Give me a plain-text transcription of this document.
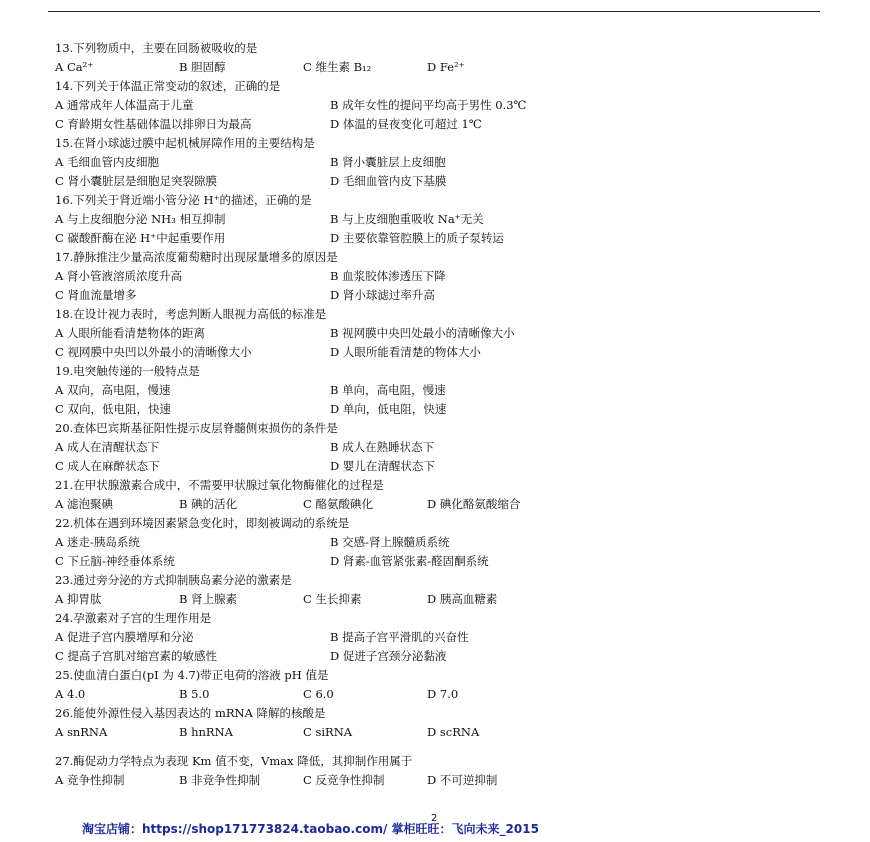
13.下列物质中，主要在回肠被吸收的是
A Ca²⁺	B 胆固醇	C 维生素 B₁₂	D Fe²⁺
14.下列关于体温正常变动的叙述，正确的是
A 通常成年人体温高于儿童	B 成年女性的提问平均高于男性 0.3℃
C 育龄期女性基础体温以排卵日为最高	D 体温的昼夜变化可超过 1℃
15.在肾小球滤过膜中起机械屏障作用的主要结构是
A 毛细血管内皮细胞	B 肾小囊脏层上皮细胞
C 肾小囊脏层是细胞足突裂隙膜	D 毛细血管内皮下基膜
16.下列关于肾近端小管分泌 H⁺的描述，正确的是
A 与上皮细胞分泌 NH₃ 相互抑制	B 与上皮细胞重吸收 Na⁺无关
C 碳酸酐酶在泌 H⁺中起重要作用	D 主要依靠管腔膜上的质子泵转运
17.静脉推注少量高浓度葡萄糖时出现尿量增多的原因是
A 肾小管液溶质浓度升高	B 血浆胶体渗透压下降
C 肾血流量增多	D 肾小球滤过率升高
18.在设计视力表时，考虑判断人眼视力高低的标准是
A 人眼所能看清楚物体的距离	B 视网膜中央凹处最小的清晰像大小
C 视网膜中央凹以外最小的清晰像大小	D 人眼所能看清楚的物体大小
19.电突触传递的一般特点是
A 双向，高电阻，慢速	B 单向，高电阻，慢速
C 双向，低电阻，快速	D 单向，低电阻，快速
20.查体巴宾斯基征阳性提示皮层脊髓侧束损伤的条件是
A 成人在清醒状态下	B 成人在熟睡状态下
C 成人在麻醉状态下	D 婴儿在清醒状态下
21.在甲状腺激素合成中，不需要甲状腺过氧化物酶催化的过程是
A 滤泡聚碘	B 碘的活化	C 酪氨酸碘化	D 碘化酪氨酸缩合
22.机体在遇到环境因素紧急变化时，即刻被调动的系统是
A 迷走-胰岛系统	B 交感-肾上腺髓质系统
C 下丘脑-神经垂体系统	D 肾素-血管紧张素-醛固酮系统
23.通过旁分泌的方式抑制胰岛素分泌的激素是
A 抑胃肽	B 肾上腺素	C 生长抑素	D 胰高血糖素
24.孕激素对子宫的生理作用是
A 促进子宫内膜增厚和分泌	B 提高子宫平滑肌的兴奋性
C 提高子宫肌对缩宫素的敏感性	D 促进子宫颈分泌黏液
25.使血清白蛋白(pI 为 4.7)带正电荷的溶液 pH 值是
A 4.0	B 5.0	C 6.0	D 7.0
26.能使外源性侵入基因表达的 mRNA 降解的核酸是
A snRNA	B hnRNA	C siRNA	D scRNA
27.酶促动力学特点为表现 Km 值不变，Vmax 降低，其抑制作用属于
A 竞争性抑制	B 非竞争性抑制	C 反竞争性抑制	D 不可逆抑制
2
淘宝店铺：https://shop171773824.taobao.com/ 掌柜旺旺：飞向未来_2015
